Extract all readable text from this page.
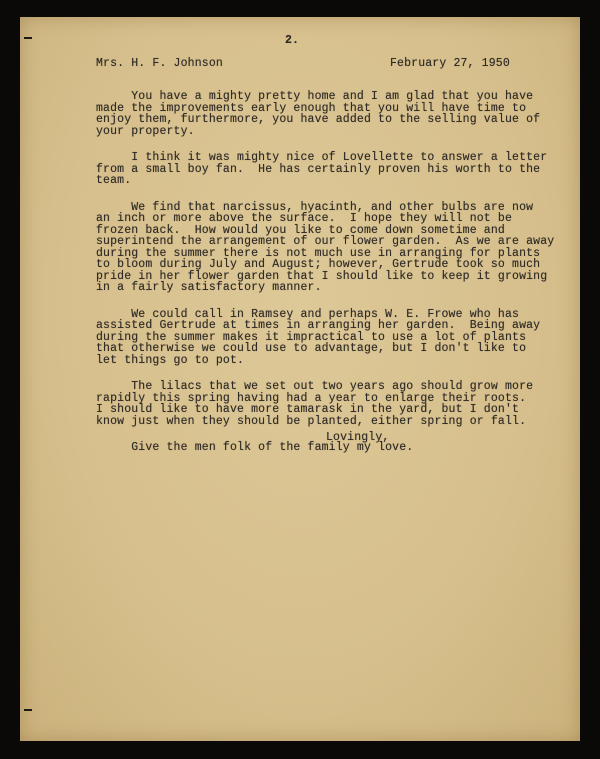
2.
Mrs. H. F. Johnson	February 27, 1950

You have a mighty pretty home and I am glad that you have
made the improvements early enough that you will have time to
enjoy them, furthermore, you have added to the selling value of
your property.

I think it was mighty nice of Lovellette to answer a letter
from a small boy fan.  He has certainly proven his worth to the
team.

We find that narcissus, hyacinth, and other bulbs are now
an inch or more above the surface.  I hope they will not be
frozen back.  How would you like to come down sometime and
superintend the arrangement of our flower garden.  As we are away
during the summer there is not much use in arranging for plants
to bloom during July and August; however, Gertrude took so much
pride in her flower garden that I should like to keep it growing
in a fairly satisfactory manner.

We could call in Ramsey and perhaps W. E. Frowe who has
assisted Gertrude at times in arranging her garden.  Being away
during the summer makes it impractical to use a lot of plants
that otherwise we could use to advantage, but I don't like to
let things go to pot.

The lilacs that we set out two years ago should grow more
rapidly this spring having had a year to enlarge their roots.
I should like to have more tamarask in the yard, but I don't
know just when they should be planted, either spring or fall.

Give the men folk of the family my love.

Lovingly,
